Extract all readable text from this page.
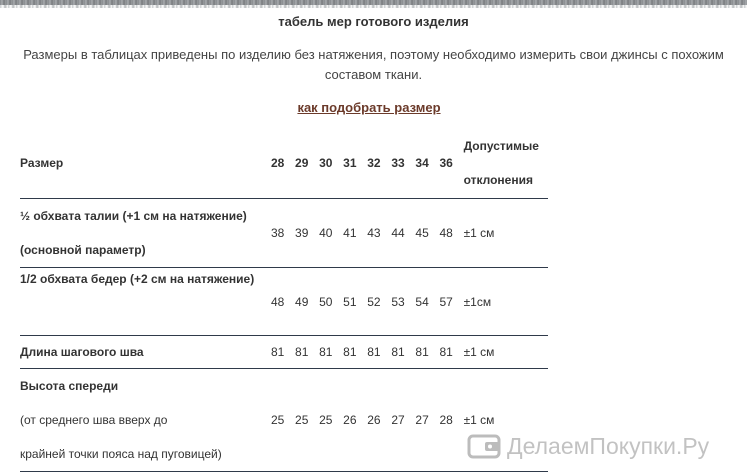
табель мер готового изделия
Размеры в таблицах приведены по изделию без натяжения, поэтому необходимо измерить свои джинсы с похожим составом ткани.
как подобрать размер
Размер	28	29	30	31	32	33	34	36	Допустимые
отклонения

½ обхвата талии (+1 см на натяжение)
(основной параметр)	38	39	40	41	43	44	45	48	±1 см

1/2 обхвата бедер (+2 см на натяжение)	48	49	50	51	52	53	54	57	±1см
Длина шагового шва	81	81	81	81	81	81	81	81	±1 см

Высота спереди
(от среднего шва вверх до
крайней точки пояса над пуговицей)	25	25	25	26	26	27	27	28	±1 см
ДелаемПокупки.Ру
